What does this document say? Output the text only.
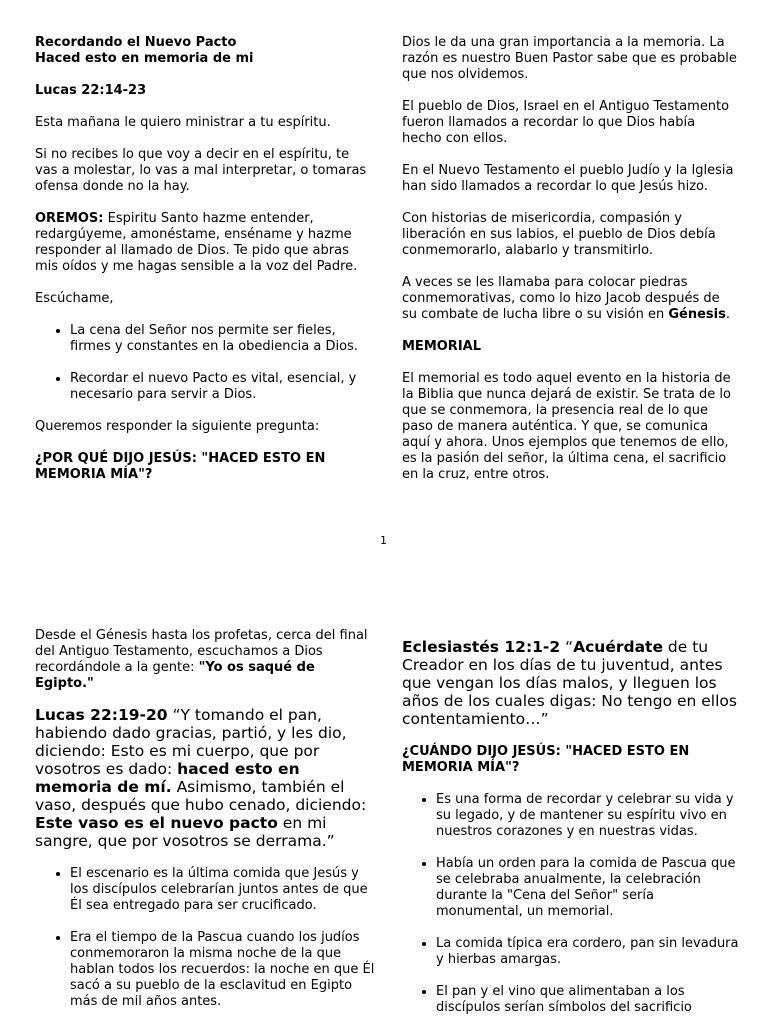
Recordando el Nuevo Pacto
Haced esto en memoria de mi

Lucas 22:14-23

Esta mañana le quiero ministrar a tu espíritu.

Si no recibes lo que voy a decir en el espíritu, te vas a molestar, lo vas a mal interpretar, o tomaras ofensa donde no la hay.

OREMOS: Espiritu Santo hazme entender, redargúyeme, amonéstame, enséname y hazme responder al llamado de Dios. Te pido que abras mis oídos y me hagas sensible a la voz del Padre.

Escúchame,

• La cena del Señor nos permite ser fieles, firmes y constantes en la obediencia a Dios.
• Recordar el nuevo Pacto es vital, esencial, y necesario para servir a Dios.

Queremos responder la siguiente pregunta:

¿POR QUÉ DIJO JESÚS: "HACED ESTO EN MEMORIA MÍA"?

Dios le da una gran importancia a la memoria. La razón es nuestro Buen Pastor sabe que es probable que nos olvidemos.

El pueblo de Dios, Israel en el Antiguo Testamento fueron llamados a recordar lo que Dios había hecho con ellos.

En el Nuevo Testamento el pueblo Judío y la Iglesia han sido llamados a recordar lo que Jesús hizo.

Con historias de misericordia, compasión y liberación en sus labios, el pueblo de Dios debía conmemorarlo, alabarlo y transmitirlo.

A veces se les llamaba para colocar piedras conmemorativas, como lo hizo Jacob después de su combate de lucha libre o su visión en Génesis.

MEMORIAL

El memorial es todo aquel evento en la historia de la Biblia que nunca dejará de existir. Se trata de lo que se conmemora, la presencia real de lo que paso de manera auténtica. Y que, se comunica aquí y ahora. Unos ejemplos que tenemos de ello, es la pasión del señor, la última cena, el sacrificio en la cruz, entre otros.

1

Desde el Génesis hasta los profetas, cerca del final del Antiguo Testamento, escuchamos a Dios recordándole a la gente: "Yo os saqué de Egipto."

Lucas 22:19-20 “Y tomando el pan, habiendo dado gracias, partió, y les dio, diciendo: Esto es mi cuerpo, que por vosotros es dado: haced esto en memoria de mí. Asimismo, también el vaso, después que hubo cenado, diciendo: Este vaso es el nuevo pacto en mi sangre, que por vosotros se derrama.”

• El escenario es la última comida que Jesús y los discípulos celebrarían juntos antes de que Él sea entregado para ser crucificado.
• Era el tiempo de la Pascua cuando los judíos conmemoraron la misma noche de la que hablan todos los recuerdos: la noche en que Él sacó a su pueblo de la esclavitud en Egipto más de mil años antes.

Eclesiastés 12:1-2 “Acuérdate de tu Creador en los días de tu juventud, antes que vengan los días malos, y lleguen los años de los cuales digas: No tengo en ellos contentamiento…”

¿CUÁNDO DIJO JESÚS: "HACED ESTO EN MEMORIA MÍA"?

• Es una forma de recordar y celebrar su vida y su legado, y de mantener su espíritu vivo en nuestros corazones y en nuestras vidas.
• Había un orden para la comida de Pascua que se celebraba anualmente, la celebración durante la "Cena del Señor" sería monumental, un memorial.
• La comida típica era cordero, pan sin levadura y hierbas amargas.
• El pan y el vino que alimentaban a los discípulos serían símbolos del sacrificio
